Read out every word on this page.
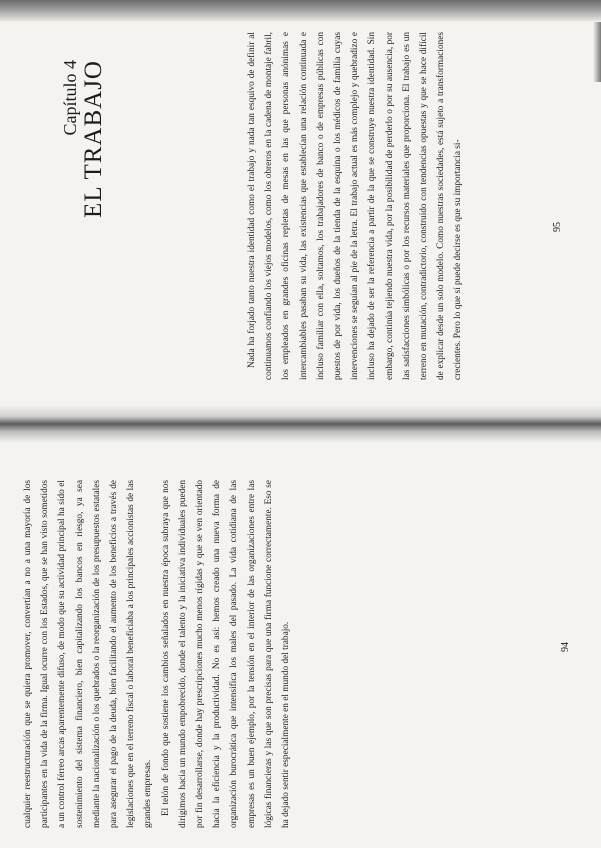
Capítulo 4 EL TRABAJO	Nada ha forjado tanto nuestra identidad como el trabajo y nada tan esquivo de definir al continuamos confiando los viejos modelos, como los obreros en la cadena de montaje fabril, los empleados en grandes oficinas repletas de mesas en las que personas anónimas e intercambiables pasaban su vida, las existencias que establecían una relación continuada e incluso familiar con ella, soltamos, los trabajadores de banco o de empresas públicas con puestos de por vida, los dueños de la tienda de la esquina o los médicos de familia cuyas intervenciones se seguían al pie de la letra. El trabajo actual es más complejo y quebradizo e incluso ha dejado de ser la referencia a partir de la que se construye nuestra identidad. Sin embargo, continúa tejiendo nuestra vida, por la posibilidad de perderlo o por su ausencia, por las satisfacciones simbólicas o por los recursos materiales que proporciona. El trabajo es un terreno en mutación, contradictorio, construido con tendencias opuestas y que se hace difícil de explicar desde un solo modelo. Como nuestras sociedades, está sujeto a transformaciones crecientes. Pero lo que sí puede decirse es que su importancia si-	95

cualquier reestructuración que se quiera promover, convertían a no a una mayoría de los participantes en la vida de la firma. Igual ocurre con los Estados, que se han visto sometidos a un control férreo arcas aparentemente difuso, de modo que su actividad principal ha sido el sostenimiento del sistema financiero, bien capitalizando los bancos en riesgo, ya sea mediante la nacionalización o los quebrados o la reorganización de los presupuestos estatales para asegurar el pago de la deuda, bien facilitando el aumento de los beneficios a través de legislaciones que en el terreno fiscal o laboral beneficiaba a los principales accionistas de las grandes empresas. El telón de fondo que sostiene los cambios señalados en nuestra época subraya que nos dirigimos hacia un mundo empobrecido, donde el talento y la iniciativa individuales pueden por fin desarrollarse, donde hay prescripciones mucho menos rígidas y que se ven orientado hacia la eficiencia y la productividad. No es así: hemos creado una nueva forma de organización burocrática que intensifica los males del pasado. La vida cotidiana de las empresas es un buen ejemplo, por la tensión en el interior de las organizaciones entre las lógicas financieras y las que son precisas para que una firma funcione correctamente. Eso se ha dejado sentir especialmente en el mundo del trabajo.	94
